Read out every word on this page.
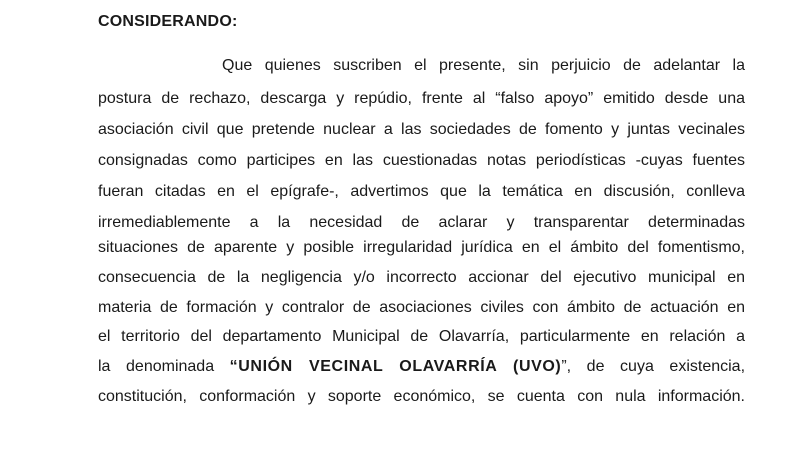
CONSIDERANDO:
Que quienes suscriben el presente, sin perjuicio de adelantar la
postura de rechazo, descarga y repúdio, frente al “falso apoyo” emitido desde una
asociación civil que pretende nuclear a las sociedades de fomento y juntas vecinales
consignadas como participes en las cuestionadas notas periodísticas -cuyas fuentes
fueran citadas en el epígrafe-, advertimos que la temática en discusión, conlleva
irremediablemente a la necesidad de aclarar y transparentar determinadas
situaciones de aparente y posible irregularidad jurídica en el ámbito del fomentismo,
consecuencia de la negligencia y/o incorrecto accionar del ejecutivo municipal en
materia de formación y contralor de asociaciones civiles con ámbito de actuación en
el territorio del departamento Municipal de Olavarría, particularmente en relación a
la denominada “UNIÓN VECINAL OLAVARRÍA (UVO)”, de cuya existencia,
constitución, conformación y soporte económico, se cuenta con nula información.
